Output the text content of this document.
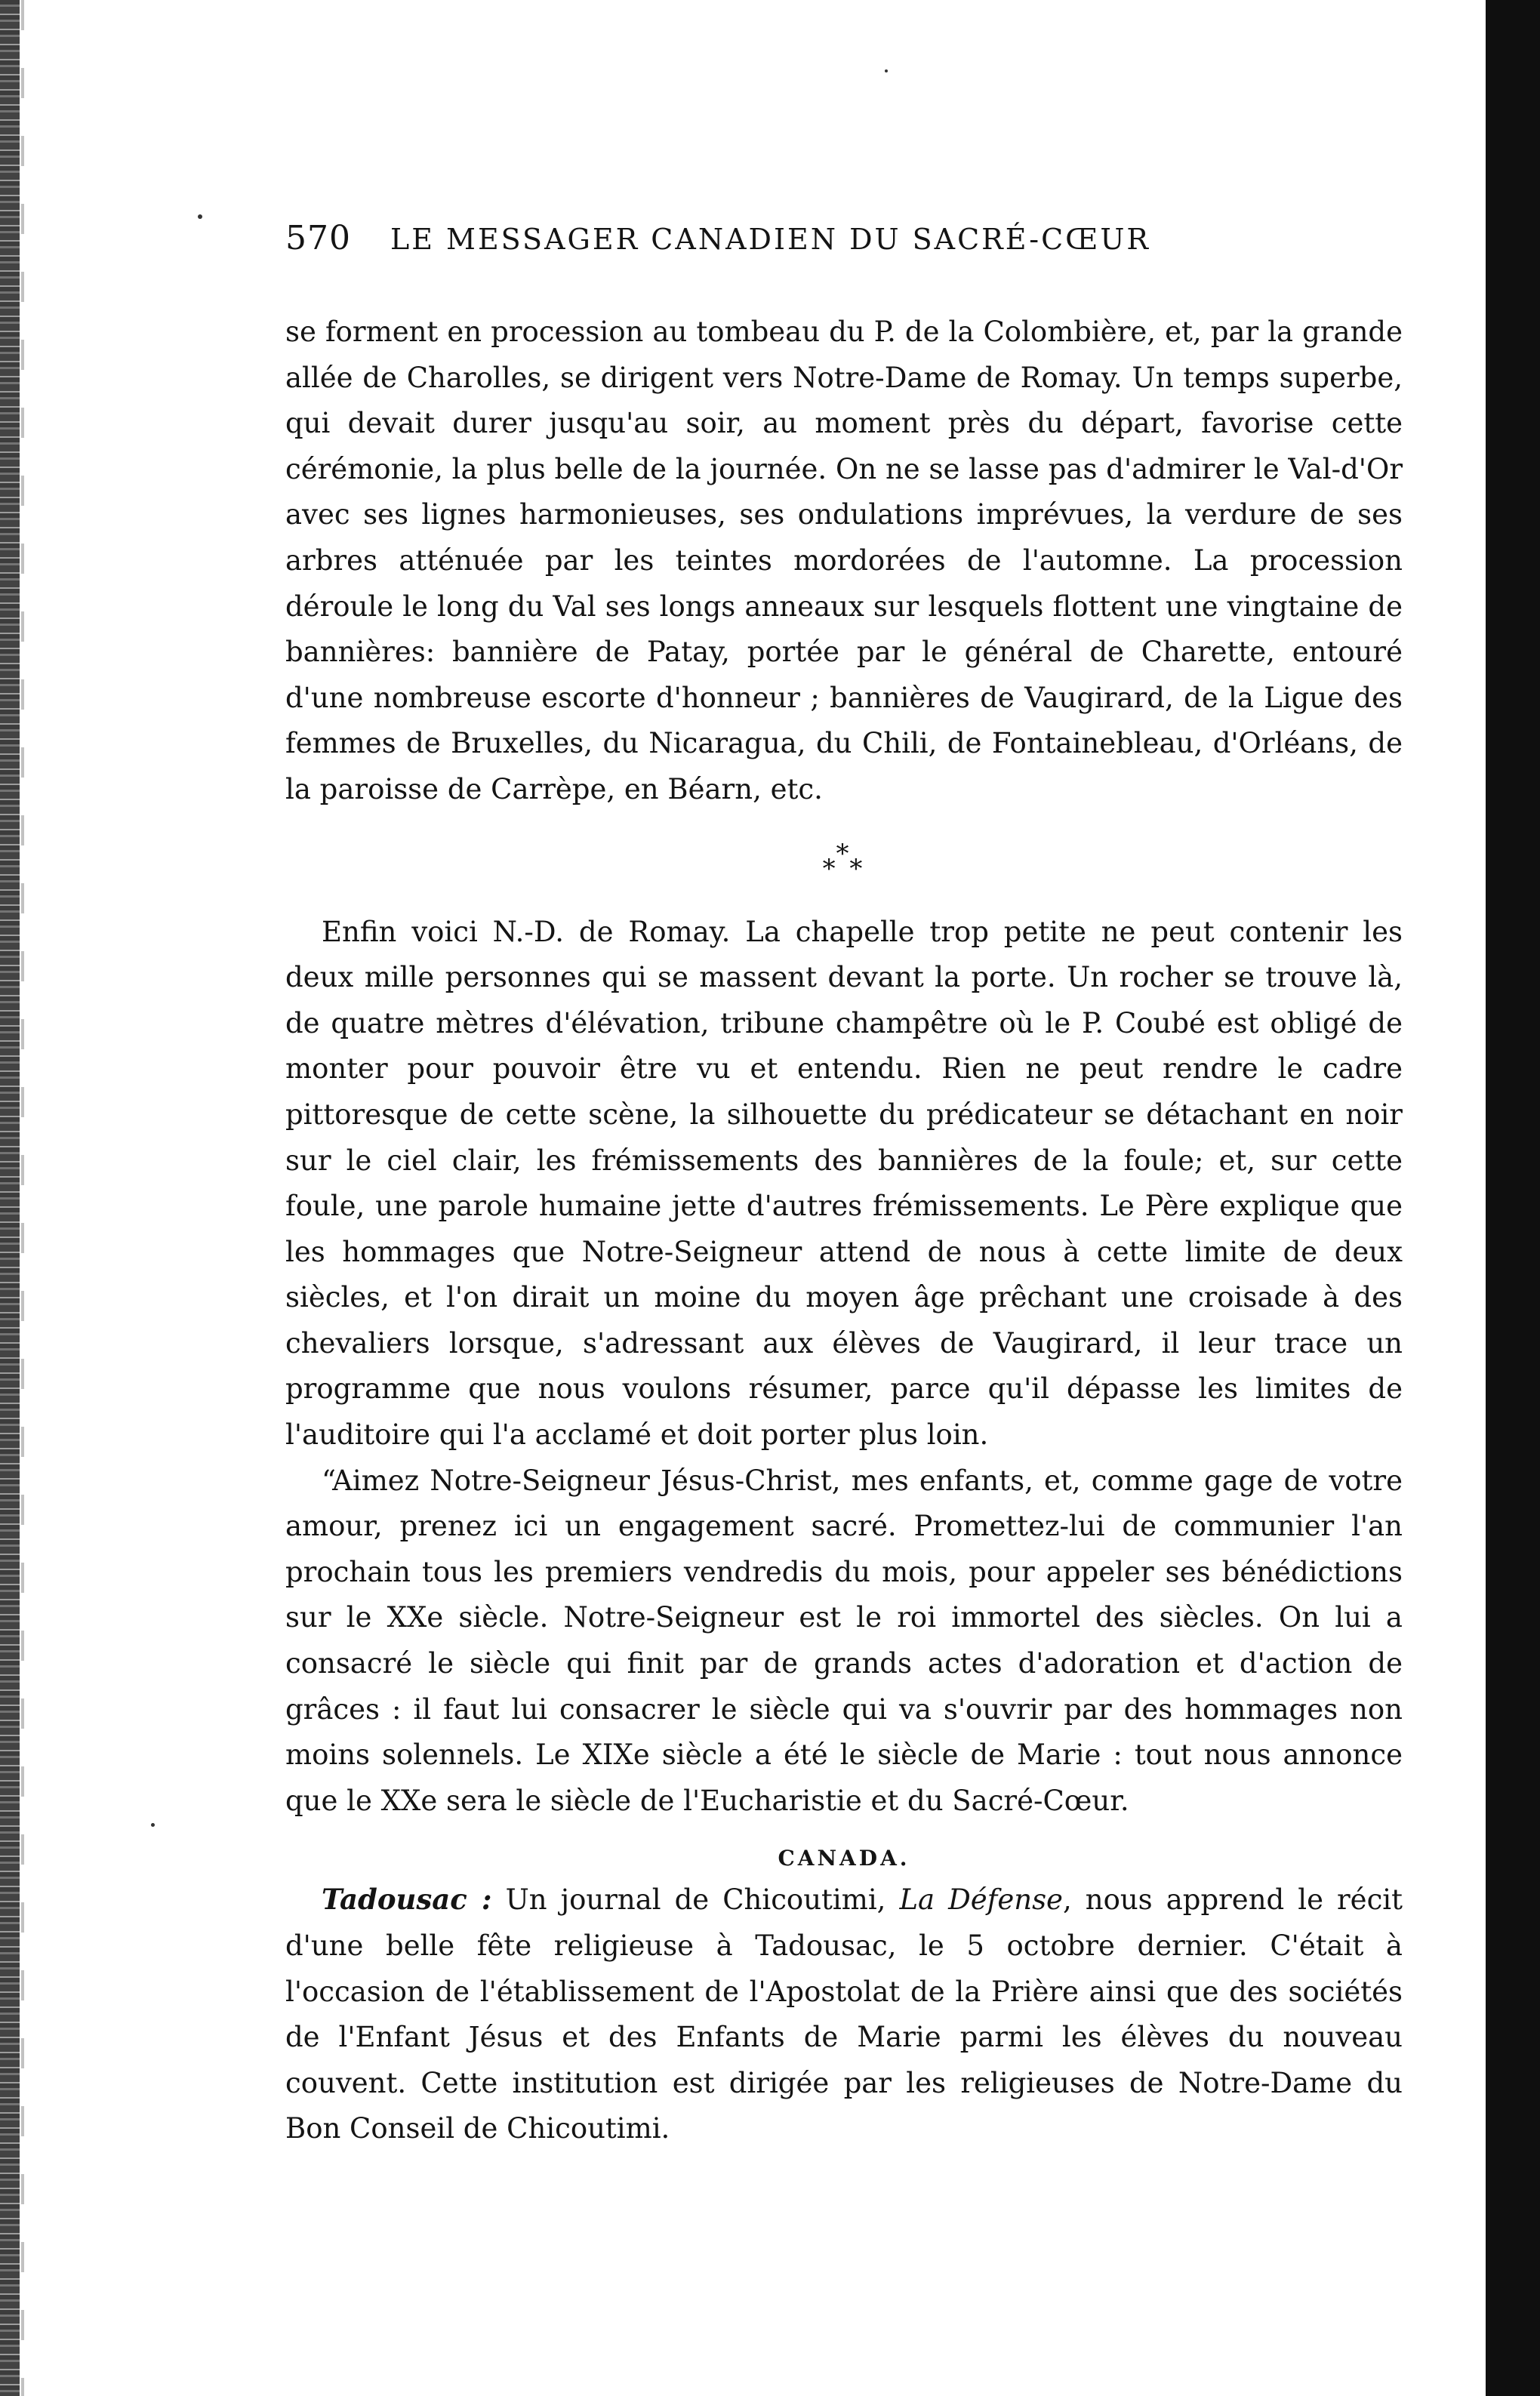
570 LE MESSAGER CANADIEN DU SACRÉ-CŒUR

se forment en procession au tombeau du P. de la Colombière, et, par la grande allée de Charolles, se dirigent vers Notre-Dame de Romay. Un temps superbe, qui devait durer jusqu'au soir, au moment près du départ, favorise cette cérémonie, la plus belle de la journée. On ne se lasse pas d'admirer le Val-d'Or avec ses lignes harmonieuses, ses ondulations imprévues, la verdure de ses arbres atténuée par les teintes mordorées de l'automne. La procession déroule le long du Val ses longs anneaux sur lesquels flottent une vingtaine de bannières: bannière de Patay, portée par le général de Charette, entouré d'une nombreuse escorte d'honneur ; bannières de Vaugirard, de la Ligue des femmes de Bruxelles, du Nicaragua, du Chili, de Fontainebleau, d'Orléans, de la paroisse de Carrèpe, en Béarn, etc.

*
* *

Enfin voici N.-D. de Romay. La chapelle trop petite ne peut contenir les deux mille personnes qui se massent devant la porte. Un rocher se trouve là, de quatre mètres d'élévation, tribune champêtre où le P. Coubé est obligé de monter pour pouvoir être vu et entendu. Rien ne peut rendre le cadre pittoresque de cette scène, la silhouette du prédicateur se détachant en noir sur le ciel clair, les frémissements des bannières de la foule; et, sur cette foule, une parole humaine jette d'autres frémissements. Le Père explique que les hommages que Notre-Seigneur attend de nous à cette limite de deux siècles, et l'on dirait un moine du moyen âge prêchant une croisade à des chevaliers lorsque, s'adressant aux élèves de Vaugirard, il leur trace un programme que nous voulons résumer, parce qu'il dépasse les limites de l'auditoire qui l'a acclamé et doit porter plus loin.

“Aimez Notre-Seigneur Jésus-Christ, mes enfants, et, comme gage de votre amour, prenez ici un engagement sacré. Promettez-lui de communier l'an prochain tous les premiers vendredis du mois, pour appeler ses bénédictions sur le XXe siècle. Notre-Seigneur est le roi immortel des siècles. On lui a consacré le siècle qui finit par de grands actes d'adoration et d'action de grâces : il faut lui consacrer le siècle qui va s'ouvrir par des hommages non moins solennels. Le XIXe siècle a été le siècle de Marie : tout nous annonce que le XXe sera le siècle de l'Eucharistie et du Sacré-Cœur.

CANADA.

Tadousac : Un journal de Chicoutimi, La Défense, nous apprend le récit d'une belle fête religieuse à Tadousac, le 5 octobre dernier. C'était à l'occasion de l'établissement de l'Apostolat de la Prière ainsi que des sociétés de l'Enfant Jésus et des Enfants de Marie parmi les élèves du nouveau couvent. Cette institution est dirigée par les religieuses de Notre-Dame du Bon Conseil de Chicoutimi.
